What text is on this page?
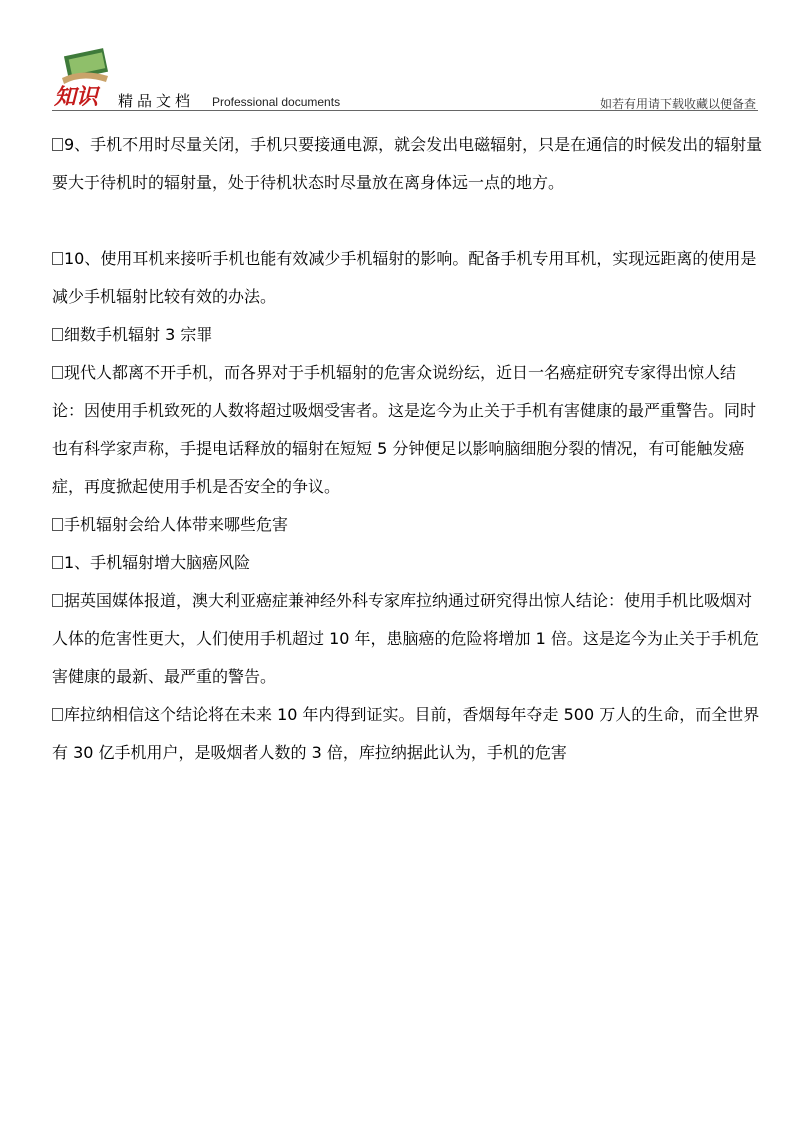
知识 精品文档 Professional documents	如若有用请下载收藏以便备查

9、手机不用时尽量关闭，手机只要接通电源，就会发出电磁辐射，只是在通信的时候发出的辐射量要大于待机时的辐射量，处于待机状态时尽量放在离身体远一点的地方。

10、使用耳机来接听手机也能有效减少手机辐射的影响。配备手机专用耳机，实现远距离的使用是减少手机辐射比较有效的办法。

细数手机辐射 3 宗罪

现代人都离不开手机，而各界对于手机辐射的危害众说纷纭，近日一名癌症研究专家得出惊人结论：因使用手机致死的人数将超过吸烟受害者。这是迄今为止关于手机有害健康的最严重警告。同时也有科学家声称，手提电话释放的辐射在短短 5 分钟便足以影响脑细胞分裂的情况，有可能触发癌症，再度掀起使用手机是否安全的争议。

手机辐射会给人体带来哪些危害

1、手机辐射增大脑癌风险

据英国媒体报道，澳大利亚癌症兼神经外科专家库拉纳通过研究得出惊人结论：使用手机比吸烟对人体的危害性更大，人们使用手机超过 10 年，患脑癌的危险将增加 1 倍。这是迄今为止关于手机危害健康的最新、最严重的警告。

库拉纳相信这个结论将在未来 10 年内得到证实。目前，香烟每年夺走 500 万人的生命，而全世界有 30 亿手机用户，是吸烟者人数的 3 倍，库拉纳据此认为，手机的危害
